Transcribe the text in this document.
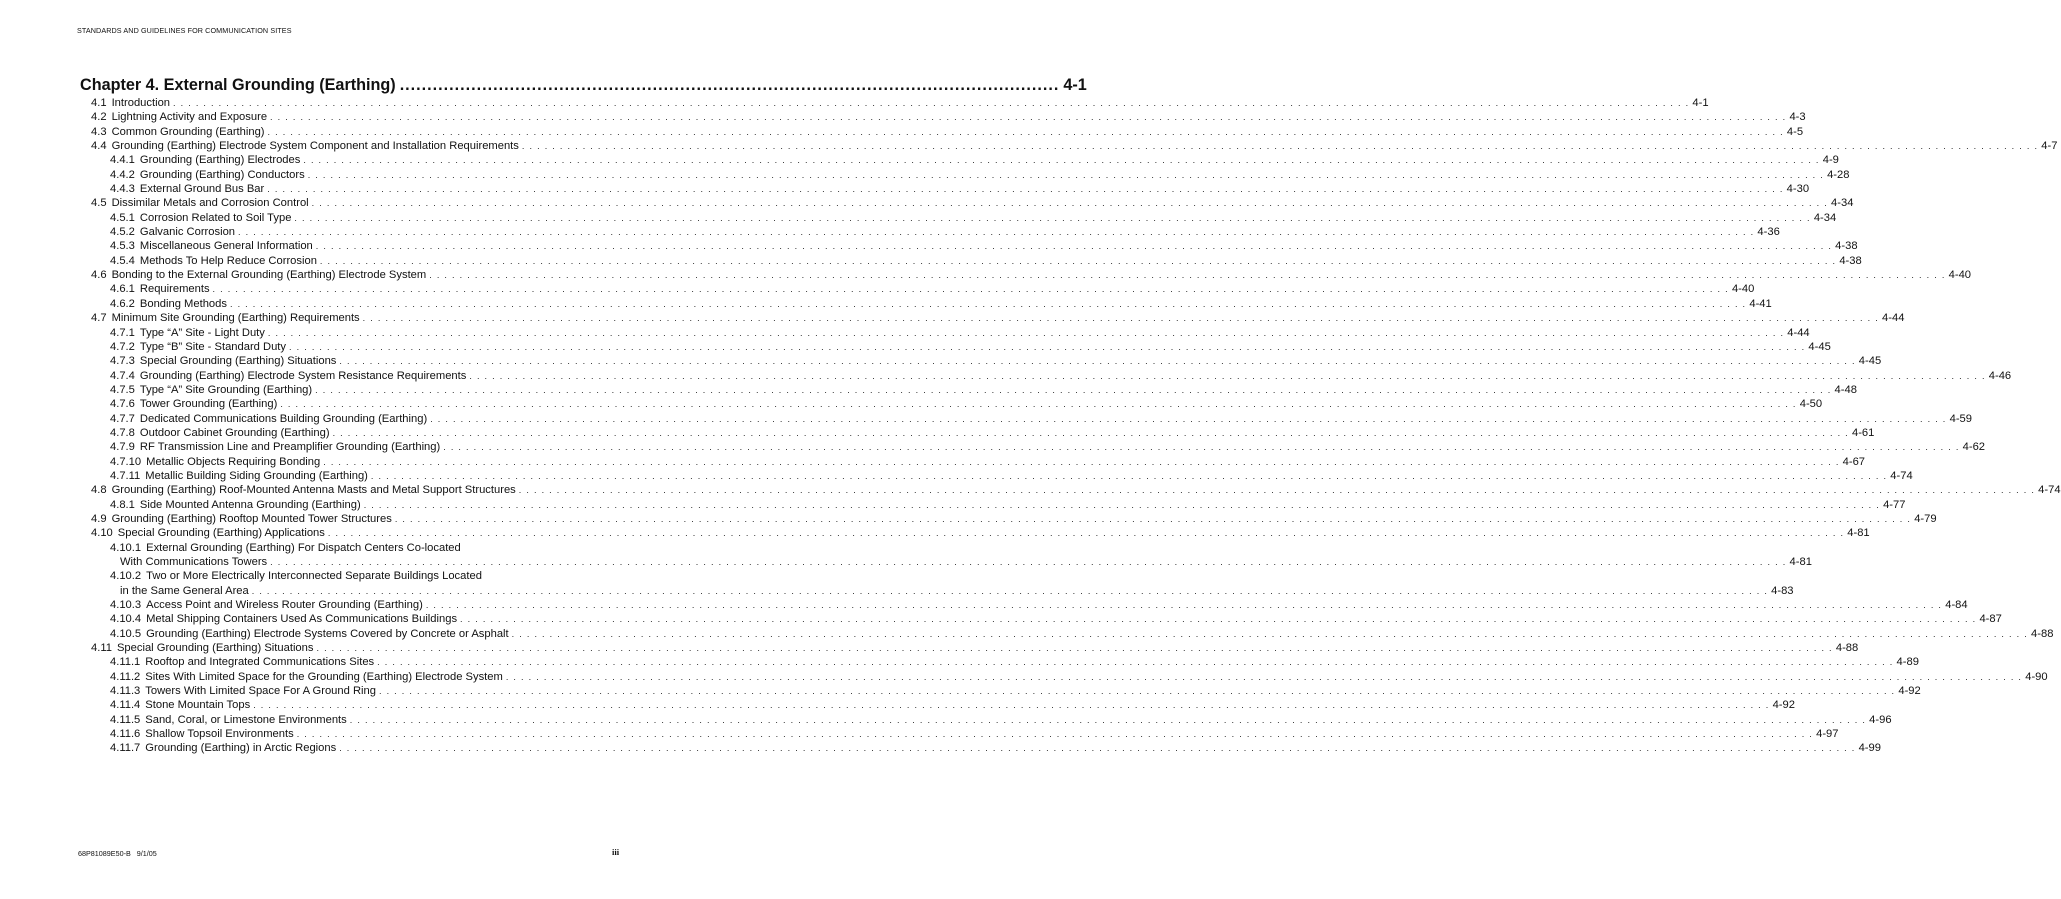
STANDARDS AND GUIDELINES FOR COMMUNICATION SITES
Chapter 4. External Grounding (Earthing) ........................................................................................................................ 4-1
4.1 Introduction . . . . . . . . . . . . . . . . . . . . . . . . . . . . . . . . . . . . . . . . . . . . . . . . . . . . . . . . . . . . . . . . . . . . . . . . . . . . . . . . . . . . . . . . . . . . . . . . . . . . . . . . . . . . . . . . . . . . . . . . . . . . . . . . . . . . . . . . . . . . . . . . . . . . . . . . . . . . . . . . . . . . . . . . . . . . . . . . . . . . . . . . . . . . . . . . . . . . . . . . 4-1
4.2 Lightning Activity and Exposure . . . . . . . . . . . . . . . . . . . . . . . . . . . . . . . . . . . . . . . . . . . . . . . . . . . . . . . . . . . . . . . . . . . . . . . . . . . . . . . . . . . . . . . . . . . . . . . . . . . . . . . . . . . . . . . . . . . . . . . . . . . . . . . . . . . . . . . . . . . . . . . . . . . . . . . . . . . . . . . . . . . . . . . . . . . . . . . . . . . . . . . . . . . . . . . . . . . . . . . . 4-3
4.3 Common Grounding (Earthing) . . . . . . . . . . . . . . . . . . . . . . . . . . . . . . . . . . . . . . . . . . . . . . . . . . . . . . . . . . . . . . . . . . . . . . . . . . . . . . . . . . . . . . . . . . . . . . . . . . . . . . . . . . . . . . . . . . . . . . . . . . . . . . . . . . . . . . . . . . . . . . . . . . . . . . . . . . . . . . . . . . . . . . . . . . . . . . . . . . . . . . . . . . . . . . . . . . . . . . . . 4-5
4.4 Grounding (Earthing) Electrode System Component and Installation Requirements . . . . . . . . . . . . . . . . . . . . . . . . . . . . . . . . . . . . . . . . . . . . . . . . . . . . . . . . . . . . . . . . . . . . . . . . . . . . . . . . . . . . . . . . . . . . . . . . . . . . . . . . . . . . . . . . . . . . . . . . . . . . . . . . . . . . . . . . . . . . . . . . . . . . . . . . . . . . . . . . . . . . . . . . . . . . . . . . . . . . . . . . . . . . . . . . . . . . . . . . 4-7
4.4.1 Grounding (Earthing) Electrodes . . . . . . . . . . . . . . . . . . . . . . . . . . . . . . . . . . . . . . . . . . . . . . . . . . . . . . . . . . . . . . . . . . . . . . . . . . . . . . . . . . . . . . . . . . . . . . . . . . . . . . . . . . . . . . . . . . . . . . . . . . . . . . . . . . . . . . . . . . . . . . . . . . . . . . . . . . . . . . . . . . . . . . . . . . . . . . . . . . . . . . . . . . . . . . . . . . . . . . . . 4-9
4.4.2 Grounding (Earthing) Conductors . . . . . . . . . . . . . . . . . . . . . . . . . . . . . . . . . . . . . . . . . . . . . . . . . . . . . . . . . . . . . . . . . . . . . . . . . . . . . . . . . . . . . . . . . . . . . . . . . . . . . . . . . . . . . . . . . . . . . . . . . . . . . . . . . . . . . . . . . . . . . . . . . . . . . . . . . . . . . . . . . . . . . . . . . . . . . . . . . . . . . . . . . . . . . . . . . . . . . . . . 4-28
4.4.3 External Ground Bus Bar . . . . . . . . . . . . . . . . . . . . . . . . . . . . . . . . . . . . . . . . . . . . . . . . . . . . . . . . . . . . . . . . . . . . . . . . . . . . . . . . . . . . . . . . . . . . . . . . . . . . . . . . . . . . . . . . . . . . . . . . . . . . . . . . . . . . . . . . . . . . . . . . . . . . . . . . . . . . . . . . . . . . . . . . . . . . . . . . . . . . . . . . . . . . . . . . . . . . . . . . 4-30
4.5 Dissimilar Metals and Corrosion Control . . . . . . . . . . . . . . . . . . . . . . . . . . . . . . . . . . . . . . . . . . . . . . . . . . . . . . . . . . . . . . . . . . . . . . . . . . . . . . . . . . . . . . . . . . . . . . . . . . . . . . . . . . . . . . . . . . . . . . . . . . . . . . . . . . . . . . . . . . . . . . . . . . . . . . . . . . . . . . . . . . . . . . . . . . . . . . . . . . . . . . . . . . . . . . . . . . . . . . . . 4-34
4.5.1 Corrosion Related to Soil Type . . . . . . . . . . . . . . . . . . . . . . . . . . . . . . . . . . . . . . . . . . . . . . . . . . . . . . . . . . . . . . . . . . . . . . . . . . . . . . . . . . . . . . . . . . . . . . . . . . . . . . . . . . . . . . . . . . . . . . . . . . . . . . . . . . . . . . . . . . . . . . . . . . . . . . . . . . . . . . . . . . . . . . . . . . . . . . . . . . . . . . . . . . . . . . . . . . . . . . . . 4-34
4.5.2 Galvanic Corrosion . . . . . . . . . . . . . . . . . . . . . . . . . . . . . . . . . . . . . . . . . . . . . . . . . . . . . . . . . . . . . . . . . . . . . . . . . . . . . . . . . . . . . . . . . . . . . . . . . . . . . . . . . . . . . . . . . . . . . . . . . . . . . . . . . . . . . . . . . . . . . . . . . . . . . . . . . . . . . . . . . . . . . . . . . . . . . . . . . . . . . . . . . . . . . . . . . . . . . . . . 4-36
4.5.3 Miscellaneous General Information . . . . . . . . . . . . . . . . . . . . . . . . . . . . . . . . . . . . . . . . . . . . . . . . . . . . . . . . . . . . . . . . . . . . . . . . . . . . . . . . . . . . . . . . . . . . . . . . . . . . . . . . . . . . . . . . . . . . . . . . . . . . . . . . . . . . . . . . . . . . . . . . . . . . . . . . . . . . . . . . . . . . . . . . . . . . . . . . . . . . . . . . . . . . . . . . . . . . . . . . 4-38
4.5.4 Methods To Help Reduce Corrosion . . . . . . . . . . . . . . . . . . . . . . . . . . . . . . . . . . . . . . . . . . . . . . . . . . . . . . . . . . . . . . . . . . . . . . . . . . . . . . . . . . . . . . . . . . . . . . . . . . . . . . . . . . . . . . . . . . . . . . . . . . . . . . . . . . . . . . . . . . . . . . . . . . . . . . . . . . . . . . . . . . . . . . . . . . . . . . . . . . . . . . . . . . . . . . . . . . . . . . . . 4-38
4.6 Bonding to the External Grounding (Earthing) Electrode System . . . . . . . . . . . . . . . . . . . . . . . . . . . . . . . . . . . . . . . . . . . . . . . . . . . . . . . . . . . . . . . . . . . . . . . . . . . . . . . . . . . . . . . . . . . . . . . . . . . . . . . . . . . . . . . . . . . . . . . . . . . . . . . . . . . . . . . . . . . . . . . . . . . . . . . . . . . . . . . . . . . . . . . . . . . . . . . . . . . . . . . . . . . . . . . . . . . . . . . . 4-40
4.6.1 Requirements . . . . . . . . . . . . . . . . . . . . . . . . . . . . . . . . . . . . . . . . . . . . . . . . . . . . . . . . . . . . . . . . . . . . . . . . . . . . . . . . . . . . . . . . . . . . . . . . . . . . . . . . . . . . . . . . . . . . . . . . . . . . . . . . . . . . . . . . . . . . . . . . . . . . . . . . . . . . . . . . . . . . . . . . . . . . . . . . . . . . . . . . . . . . . . . . . . . . . . . . 4-40
4.6.2 Bonding Methods . . . . . . . . . . . . . . . . . . . . . . . . . . . . . . . . . . . . . . . . . . . . . . . . . . . . . . . . . . . . . . . . . . . . . . . . . . . . . . . . . . . . . . . . . . . . . . . . . . . . . . . . . . . . . . . . . . . . . . . . . . . . . . . . . . . . . . . . . . . . . . . . . . . . . . . . . . . . . . . . . . . . . . . . . . . . . . . . . . . . . . . . . . . . . . . . . . . . . . . . 4-41
4.7 Minimum Site Grounding (Earthing) Requirements . . . . . . . . . . . . . . . . . . . . . . . . . . . . . . . . . . . . . . . . . . . . . . . . . . . . . . . . . . . . . . . . . . . . . . . . . . . . . . . . . . . . . . . . . . . . . . . . . . . . . . . . . . . . . . . . . . . . . . . . . . . . . . . . . . . . . . . . . . . . . . . . . . . . . . . . . . . . . . . . . . . . . . . . . . . . . . . . . . . . . . . . . . . . . . . . . . . . . . . . 4-44
4.7.1 Type “A” Site - Light Duty . . . . . . . . . . . . . . . . . . . . . . . . . . . . . . . . . . . . . . . . . . . . . . . . . . . . . . . . . . . . . . . . . . . . . . . . . . . . . . . . . . . . . . . . . . . . . . . . . . . . . . . . . . . . . . . . . . . . . . . . . . . . . . . . . . . . . . . . . . . . . . . . . . . . . . . . . . . . . . . . . . . . . . . . . . . . . . . . . . . . . . . . . . . . . . . . . . . . . . . . 4-44
4.7.2 Type “B” Site - Standard Duty . . . . . . . . . . . . . . . . . . . . . . . . . . . . . . . . . . . . . . . . . . . . . . . . . . . . . . . . . . . . . . . . . . . . . . . . . . . . . . . . . . . . . . . . . . . . . . . . . . . . . . . . . . . . . . . . . . . . . . . . . . . . . . . . . . . . . . . . . . . . . . . . . . . . . . . . . . . . . . . . . . . . . . . . . . . . . . . . . . . . . . . . . . . . . . . . . . . . . . . . 4-45
4.7.3 Special Grounding (Earthing) Situations . . . . . . . . . . . . . . . . . . . . . . . . . . . . . . . . . . . . . . . . . . . . . . . . . . . . . . . . . . . . . . . . . . . . . . . . . . . . . . . . . . . . . . . . . . . . . . . . . . . . . . . . . . . . . . . . . . . . . . . . . . . . . . . . . . . . . . . . . . . . . . . . . . . . . . . . . . . . . . . . . . . . . . . . . . . . . . . . . . . . . . . . . . . . . . . . . . . . . . . . 4-45
4.7.4 Grounding (Earthing) Electrode System Resistance Requirements . . . . . . . . . . . . . . . . . . . . . . . . . . . . . . . . . . . . . . . . . . . . . . . . . . . . . . . . . . . . . . . . . . . . . . . . . . . . . . . . . . . . . . . . . . . . . . . . . . . . . . . . . . . . . . . . . . . . . . . . . . . . . . . . . . . . . . . . . . . . . . . . . . . . . . . . . . . . . . . . . . . . . . . . . . . . . . . . . . . . . . . . . . . . . . . . . . . . . . . . 4-46
4.7.5 Type “A” Site Grounding (Earthing) . . . . . . . . . . . . . . . . . . . . . . . . . . . . . . . . . . . . . . . . . . . . . . . . . . . . . . . . . . . . . . . . . . . . . . . . . . . . . . . . . . . . . . . . . . . . . . . . . . . . . . . . . . . . . . . . . . . . . . . . . . . . . . . . . . . . . . . . . . . . . . . . . . . . . . . . . . . . . . . . . . . . . . . . . . . . . . . . . . . . . . . . . . . . . . . . . . . . . . . . 4-48
4.7.6 Tower Grounding (Earthing) . . . . . . . . . . . . . . . . . . . . . . . . . . . . . . . . . . . . . . . . . . . . . . . . . . . . . . . . . . . . . . . . . . . . . . . . . . . . . . . . . . . . . . . . . . . . . . . . . . . . . . . . . . . . . . . . . . . . . . . . . . . . . . . . . . . . . . . . . . . . . . . . . . . . . . . . . . . . . . . . . . . . . . . . . . . . . . . . . . . . . . . . . . . . . . . . . . . . . . . . 4-50
4.7.7 Dedicated Communications Building Grounding (Earthing) . . . . . . . . . . . . . . . . . . . . . . . . . . . . . . . . . . . . . . . . . . . . . . . . . . . . . . . . . . . . . . . . . . . . . . . . . . . . . . . . . . . . . . . . . . . . . . . . . . . . . . . . . . . . . . . . . . . . . . . . . . . . . . . . . . . . . . . . . . . . . . . . . . . . . . . . . . . . . . . . . . . . . . . . . . . . . . . . . . . . . . . . . . . . . . . . . . . . . . . . 4-59
4.7.8 Outdoor Cabinet Grounding (Earthing) . . . . . . . . . . . . . . . . . . . . . . . . . . . . . . . . . . . . . . . . . . . . . . . . . . . . . . . . . . . . . . . . . . . . . . . . . . . . . . . . . . . . . . . . . . . . . . . . . . . . . . . . . . . . . . . . . . . . . . . . . . . . . . . . . . . . . . . . . . . . . . . . . . . . . . . . . . . . . . . . . . . . . . . . . . . . . . . . . . . . . . . . . . . . . . . . . . . . . . . . 4-61
4.7.9 RF Transmission Line and Preamplifier Grounding (Earthing) . . . . . . . . . . . . . . . . . . . . . . . . . . . . . . . . . . . . . . . . . . . . . . . . . . . . . . . . . . . . . . . . . . . . . . . . . . . . . . . . . . . . . . . . . . . . . . . . . . . . . . . . . . . . . . . . . . . . . . . . . . . . . . . . . . . . . . . . . . . . . . . . . . . . . . . . . . . . . . . . . . . . . . . . . . . . . . . . . . . . . . . . . . . . . . . . . . . . . . . . 4-62
4.7.10 Metallic Objects Requiring Bonding . . . . . . . . . . . . . . . . . . . . . . . . . . . . . . . . . . . . . . . . . . . . . . . . . . . . . . . . . . . . . . . . . . . . . . . . . . . . . . . . . . . . . . . . . . . . . . . . . . . . . . . . . . . . . . . . . . . . . . . . . . . . . . . . . . . . . . . . . . . . . . . . . . . . . . . . . . . . . . . . . . . . . . . . . . . . . . . . . . . . . . . . . . . . . . . . . . . . . . . . 4-67
4.7.11 Metallic Building Siding Grounding (Earthing) . . . . . . . . . . . . . . . . . . . . . . . . . . . . . . . . . . . . . . . . . . . . . . . . . . . . . . . . . . . . . . . . . . . . . . . . . . . . . . . . . . . . . . . . . . . . . . . . . . . . . . . . . . . . . . . . . . . . . . . . . . . . . . . . . . . . . . . . . . . . . . . . . . . . . . . . . . . . . . . . . . . . . . . . . . . . . . . . . . . . . . . . . . . . . . . . . . . . . . . . 4-74
4.8 Grounding (Earthing) Roof-Mounted Antenna Masts and Metal Support Structures . . . . . . . . . . . . . . . . . . . . . . . . . . . . . . . . . . . . . . . . . . . . . . . . . . . . . . . . . . . . . . . . . . . . . . . . . . . . . . . . . . . . . . . . . . . . . . . . . . . . . . . . . . . . . . . . . . . . . . . . . . . . . . . . . . . . . . . . . . . . . . . . . . . . . . . . . . . . . . . . . . . . . . . . . . . . . . . . . . . . . . . . . . . . . . . . . . . . . . . . 4-74
4.8.1 Side Mounted Antenna Grounding (Earthing) . . . . . . . . . . . . . . . . . . . . . . . . . . . . . . . . . . . . . . . . . . . . . . . . . . . . . . . . . . . . . . . . . . . . . . . . . . . . . . . . . . . . . . . . . . . . . . . . . . . . . . . . . . . . . . . . . . . . . . . . . . . . . . . . . . . . . . . . . . . . . . . . . . . . . . . . . . . . . . . . . . . . . . . . . . . . . . . . . . . . . . . . . . . . . . . . . . . . . . . . 4-77
4.9 Grounding (Earthing) Rooftop Mounted Tower Structures . . . . . . . . . . . . . . . . . . . . . . . . . . . . . . . . . . . . . . . . . . . . . . . . . . . . . . . . . . . . . . . . . . . . . . . . . . . . . . . . . . . . . . . . . . . . . . . . . . . . . . . . . . . . . . . . . . . . . . . . . . . . . . . . . . . . . . . . . . . . . . . . . . . . . . . . . . . . . . . . . . . . . . . . . . . . . . . . . . . . . . . . . . . . . . . . . . . . . . . . 4-79
4.10 Special Grounding (Earthing) Applications . . . . . . . . . . . . . . . . . . . . . . . . . . . . . . . . . . . . . . . . . . . . . . . . . . . . . . . . . . . . . . . . . . . . . . . . . . . . . . . . . . . . . . . . . . . . . . . . . . . . . . . . . . . . . . . . . . . . . . . . . . . . . . . . . . . . . . . . . . . . . . . . . . . . . . . . . . . . . . . . . . . . . . . . . . . . . . . . . . . . . . . . . . . . . . . . . . . . . . . . 4-81
4.10.1 External Grounding (Earthing) For Dispatch Centers Co-located
With Communications Towers . . . . . . . . . . . . . . . . . . . . . . . . . . . . . . . . . . . . . . . . . . . . . . . . . . . . . . . . . . . . . . . . . . . . . . . . . . . . . . . . . . . . . . . . . . . . . . . . . . . . . . . . . . . . . . . . . . . . . . . . . . . . . . . . . . . . . . . . . . . . . . . . . . . . . . . . . . . . . . . . . . . . . . . . . . . . . . . . . . . . . . . . . . . . . . . . . . . . . . . . 4-81
4.10.2 Two or More Electrically Interconnected Separate Buildings Located
in the Same General Area . . . . . . . . . . . . . . . . . . . . . . . . . . . . . . . . . . . . . . . . . . . . . . . . . . . . . . . . . . . . . . . . . . . . . . . . . . . . . . . . . . . . . . . . . . . . . . . . . . . . . . . . . . . . . . . . . . . . . . . . . . . . . . . . . . . . . . . . . . . . . . . . . . . . . . . . . . . . . . . . . . . . . . . . . . . . . . . . . . . . . . . . . . . . . . . . . . . . . . . . 4-83
4.10.3 Access Point and Wireless Router Grounding (Earthing) . . . . . . . . . . . . . . . . . . . . . . . . . . . . . . . . . . . . . . . . . . . . . . . . . . . . . . . . . . . . . . . . . . . . . . . . . . . . . . . . . . . . . . . . . . . . . . . . . . . . . . . . . . . . . . . . . . . . . . . . . . . . . . . . . . . . . . . . . . . . . . . . . . . . . . . . . . . . . . . . . . . . . . . . . . . . . . . . . . . . . . . . . . . . . . . . . . . . . . . . 4-84
4.10.4 Metal Shipping Containers Used As Communications Buildings . . . . . . . . . . . . . . . . . . . . . . . . . . . . . . . . . . . . . . . . . . . . . . . . . . . . . . . . . . . . . . . . . . . . . . . . . . . . . . . . . . . . . . . . . . . . . . . . . . . . . . . . . . . . . . . . . . . . . . . . . . . . . . . . . . . . . . . . . . . . . . . . . . . . . . . . . . . . . . . . . . . . . . . . . . . . . . . . . . . . . . . . . . . . . . . . . . . . . . . . 4-87
4.10.5 Grounding (Earthing) Electrode Systems Covered by Concrete or Asphalt . . . . . . . . . . . . . . . . . . . . . . . . . . . . . . . . . . . . . . . . . . . . . . . . . . . . . . . . . . . . . . . . . . . . . . . . . . . . . . . . . . . . . . . . . . . . . . . . . . . . . . . . . . . . . . . . . . . . . . . . . . . . . . . . . . . . . . . . . . . . . . . . . . . . . . . . . . . . . . . . . . . . . . . . . . . . . . . . . . . . . . . . . . . . . . . . . . . . . . . . 4-88
4.11 Special Grounding (Earthing) Situations . . . . . . . . . . . . . . . . . . . . . . . . . . . . . . . . . . . . . . . . . . . . . . . . . . . . . . . . . . . . . . . . . . . . . . . . . . . . . . . . . . . . . . . . . . . . . . . . . . . . . . . . . . . . . . . . . . . . . . . . . . . . . . . . . . . . . . . . . . . . . . . . . . . . . . . . . . . . . . . . . . . . . . . . . . . . . . . . . . . . . . . . . . . . . . . . . . . . . . . . 4-88
4.11.1 Rooftop and Integrated Communications Sites . . . . . . . . . . . . . . . . . . . . . . . . . . . . . . . . . . . . . . . . . . . . . . . . . . . . . . . . . . . . . . . . . . . . . . . . . . . . . . . . . . . . . . . . . . . . . . . . . . . . . . . . . . . . . . . . . . . . . . . . . . . . . . . . . . . . . . . . . . . . . . . . . . . . . . . . . . . . . . . . . . . . . . . . . . . . . . . . . . . . . . . . . . . . . . . . . . . . . . . . 4-89
4.11.2 Sites With Limited Space for the Grounding (Earthing) Electrode System . . . . . . . . . . . . . . . . . . . . . . . . . . . . . . . . . . . . . . . . . . . . . . . . . . . . . . . . . . . . . . . . . . . . . . . . . . . . . . . . . . . . . . . . . . . . . . . . . . . . . . . . . . . . . . . . . . . . . . . . . . . . . . . . . . . . . . . . . . . . . . . . . . . . . . . . . . . . . . . . . . . . . . . . . . . . . . . . . . . . . . . . . . . . . . . . . . . . . . . . 4-90
4.11.3 Towers With Limited Space For A Ground Ring . . . . . . . . . . . . . . . . . . . . . . . . . . . . . . . . . . . . . . . . . . . . . . . . . . . . . . . . . . . . . . . . . . . . . . . . . . . . . . . . . . . . . . . . . . . . . . . . . . . . . . . . . . . . . . . . . . . . . . . . . . . . . . . . . . . . . . . . . . . . . . . . . . . . . . . . . . . . . . . . . . . . . . . . . . . . . . . . . . . . . . . . . . . . . . . . . . . . . . . . 4-92
4.11.4 Stone Mountain Tops . . . . . . . . . . . . . . . . . . . . . . . . . . . . . . . . . . . . . . . . . . . . . . . . . . . . . . . . . . . . . . . . . . . . . . . . . . . . . . . . . . . . . . . . . . . . . . . . . . . . . . . . . . . . . . . . . . . . . . . . . . . . . . . . . . . . . . . . . . . . . . . . . . . . . . . . . . . . . . . . . . . . . . . . . . . . . . . . . . . . . . . . . . . . . . . . . . . . . . . . 4-92
4.11.5 Sand, Coral, or Limestone Environments . . . . . . . . . . . . . . . . . . . . . . . . . . . . . . . . . . . . . . . . . . . . . . . . . . . . . . . . . . . . . . . . . . . . . . . . . . . . . . . . . . . . . . . . . . . . . . . . . . . . . . . . . . . . . . . . . . . . . . . . . . . . . . . . . . . . . . . . . . . . . . . . . . . . . . . . . . . . . . . . . . . . . . . . . . . . . . . . . . . . . . . . . . . . . . . . . . . . . . . . 4-96
4.11.6 Shallow Topsoil Environments . . . . . . . . . . . . . . . . . . . . . . . . . . . . . . . . . . . . . . . . . . . . . . . . . . . . . . . . . . . . . . . . . . . . . . . . . . . . . . . . . . . . . . . . . . . . . . . . . . . . . . . . . . . . . . . . . . . . . . . . . . . . . . . . . . . . . . . . . . . . . . . . . . . . . . . . . . . . . . . . . . . . . . . . . . . . . . . . . . . . . . . . . . . . . . . . . . . . . . . . 4-97
4.11.7 Grounding (Earthing) in Arctic Regions . . . . . . . . . . . . . . . . . . . . . . . . . . . . . . . . . . . . . . . . . . . . . . . . . . . . . . . . . . . . . . . . . . . . . . . . . . . . . . . . . . . . . . . . . . . . . . . . . . . . . . . . . . . . . . . . . . . . . . . . . . . . . . . . . . . . . . . . . . . . . . . . . . . . . . . . . . . . . . . . . . . . . . . . . . . . . . . . . . . . . . . . . . . . . . . . . . . . . . . . 4-99
68P81089E50-B 9/1/05	iii
